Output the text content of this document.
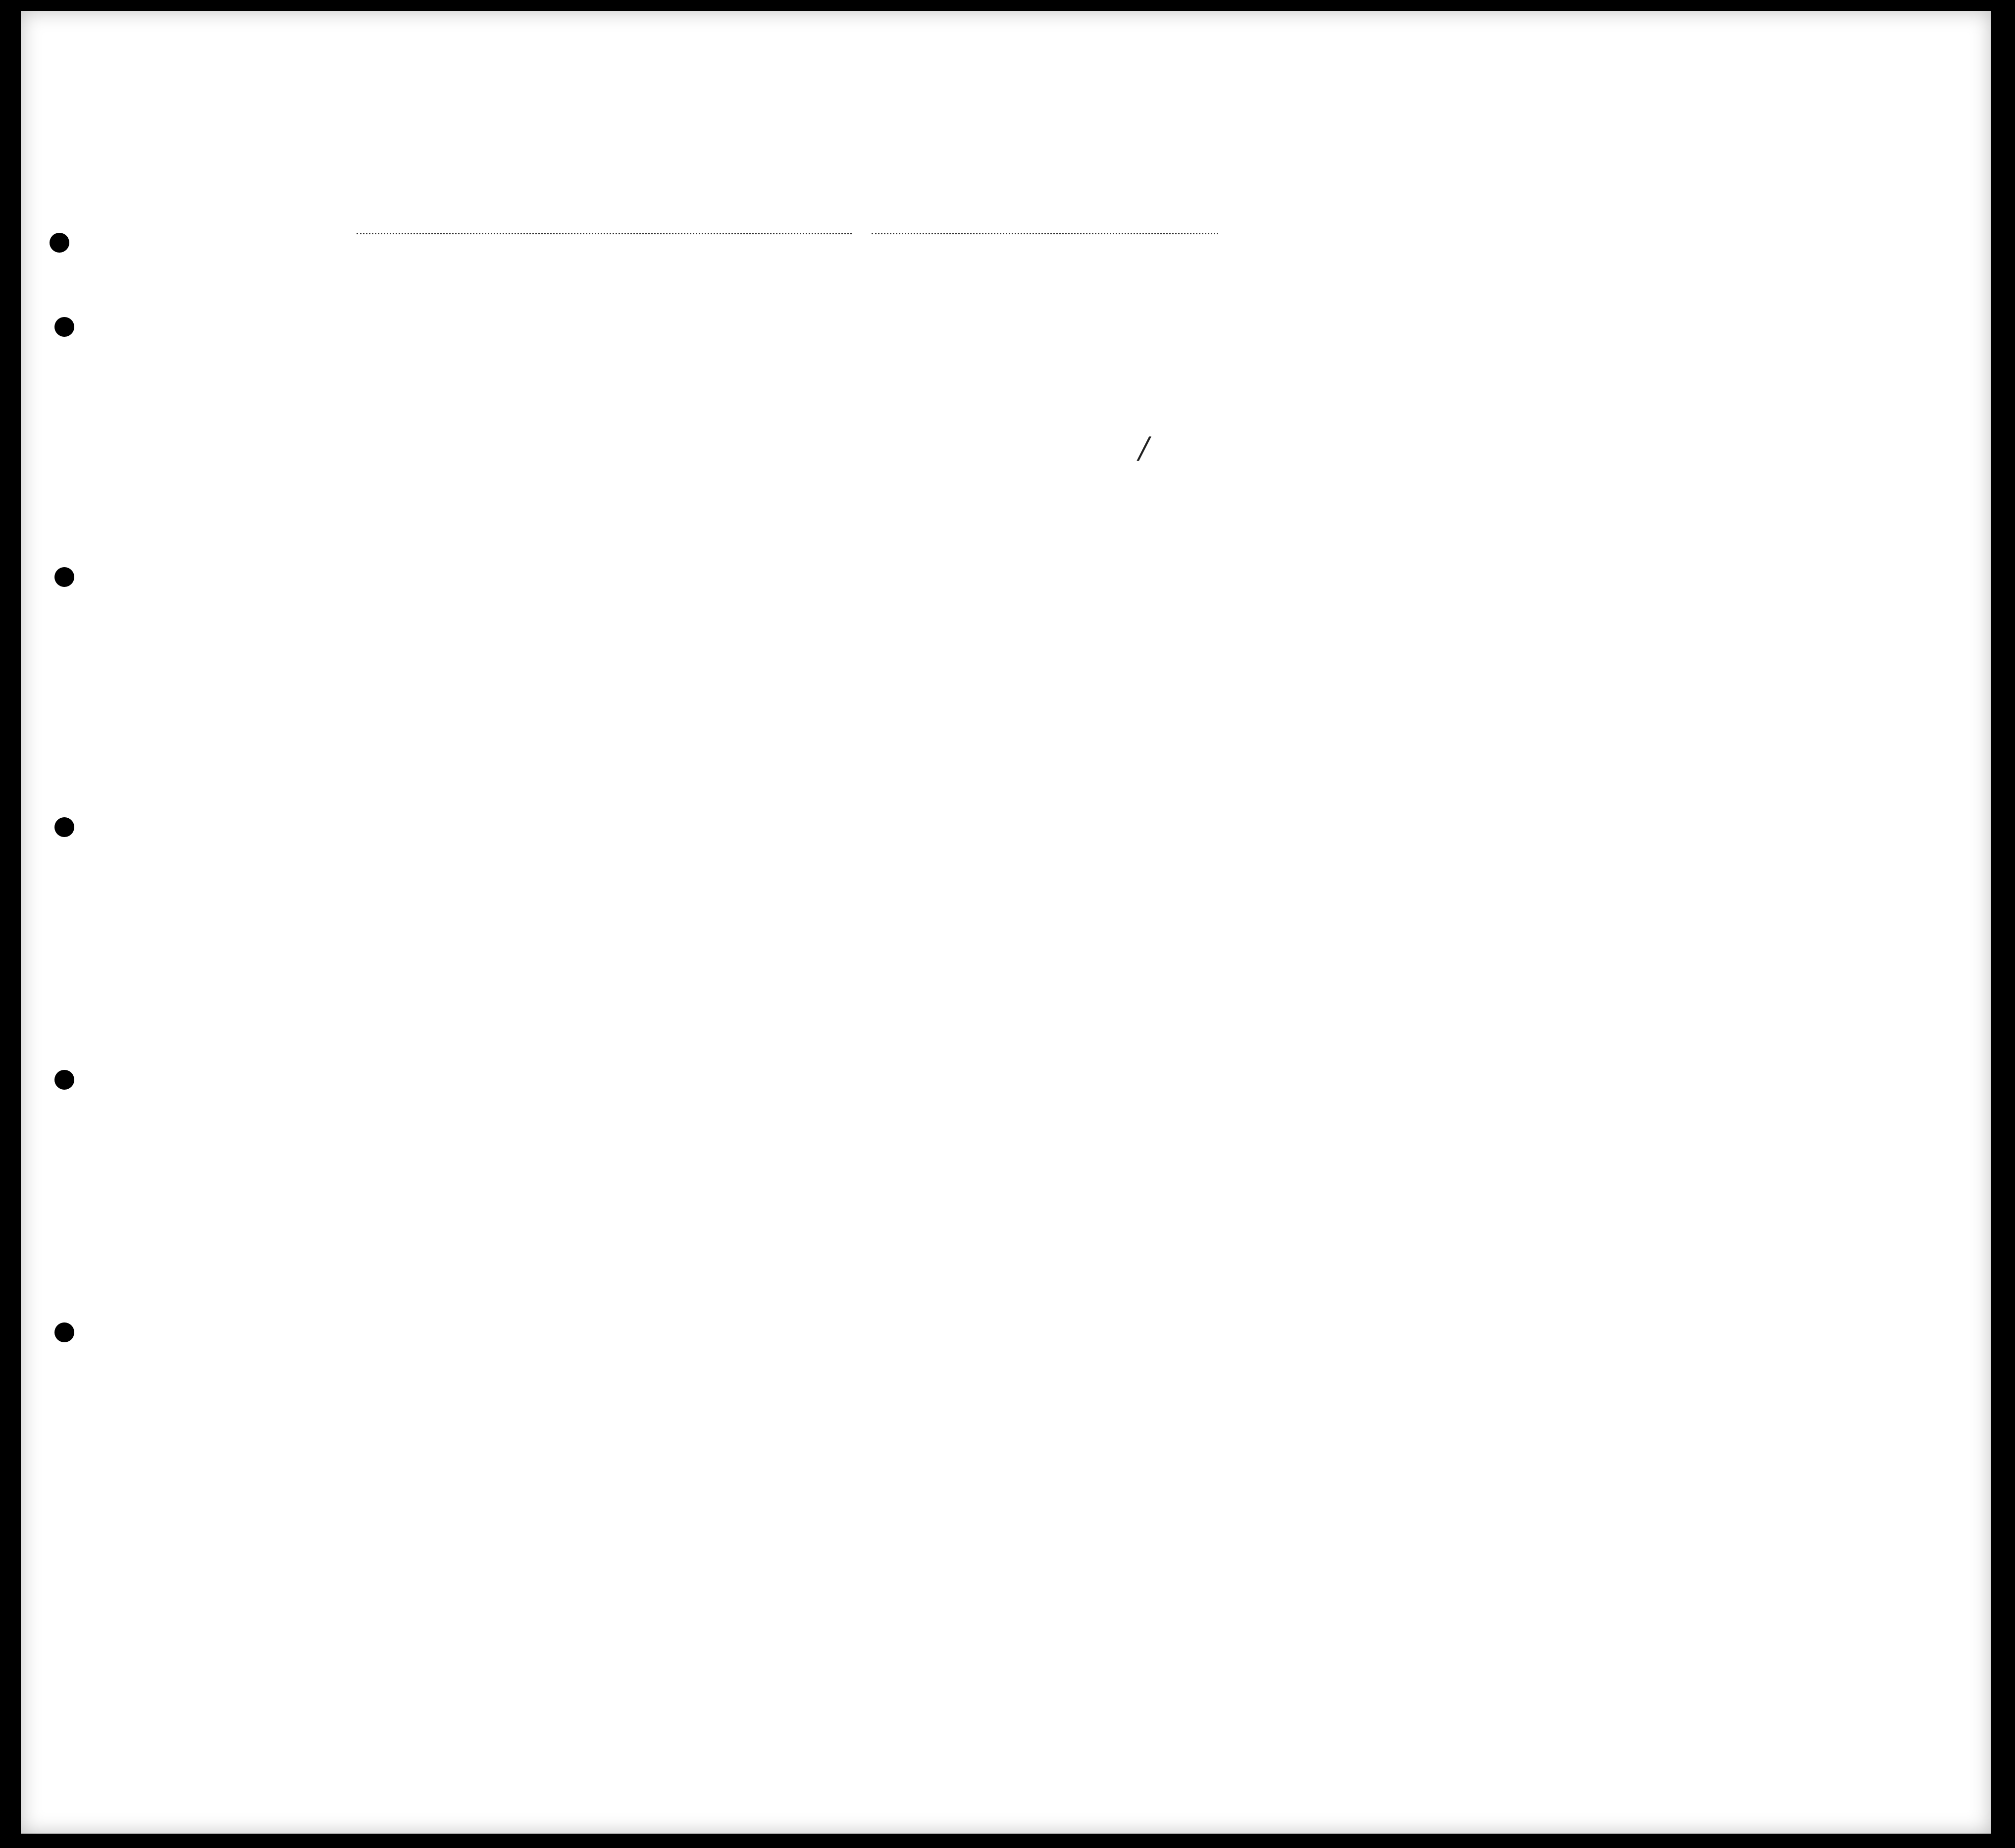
/
